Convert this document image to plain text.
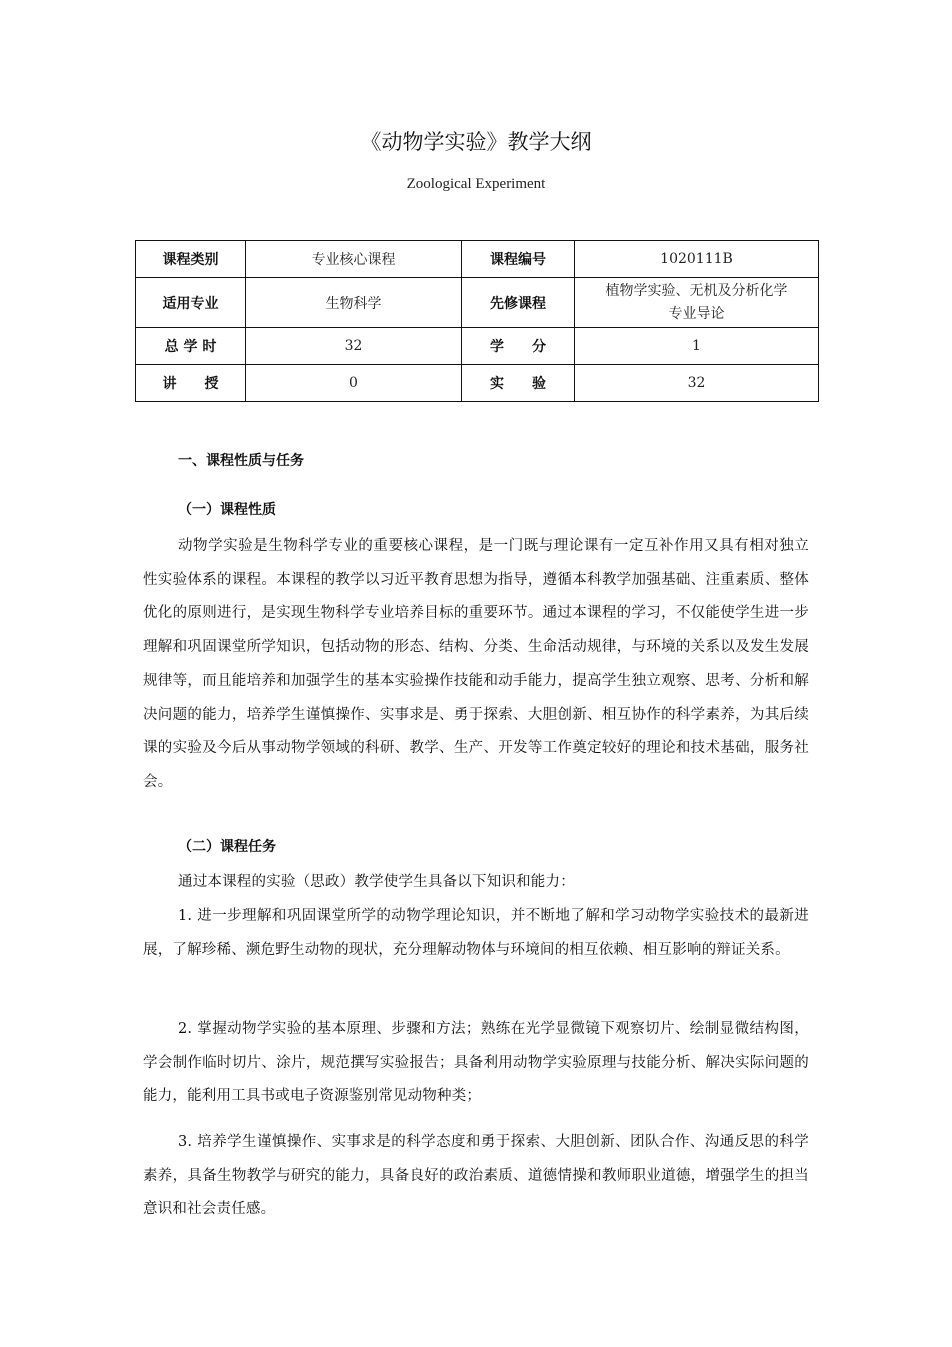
《动物学实验》教学大纲
Zoological Experiment
课程类别	专业核心课程	课程编号	1020111B
适用专业	生物科学	先修课程	植物学实验、无机及分析化学
专业导论

总 学 时	32	学　　分	1
讲　　授	0	实　　验	32
一、课程性质与任务
（一）课程性质
动物学实验是生物科学专业的重要核心课程，是一门既与理论课有一定互补作用又具有相对独立性实验体系的课程。本课程的教学以习近平教育思想为指导，遵循本科教学加强基础、注重素质、整体优化的原则进行，是实现生物科学专业培养目标的重要环节。通过本课程的学习，不仅能使学生进一步理解和巩固课堂所学知识，包括动物的形态、结构、分类、生命活动规律，与环境的关系以及发生发展规律等，而且能培养和加强学生的基本实验操作技能和动手能力，提高学生独立观察、思考、分析和解决问题的能力，培养学生谨慎操作、实事求是、勇于探索、大胆创新、相互协作的科学素养，为其后续课的实验及今后从事动物学领域的科研、教学、生产、开发等工作奠定较好的理论和技术基础，服务社会。
（二）课程任务
通过本课程的实验（思政）教学使学生具备以下知识和能力：
1. 进一步理解和巩固课堂所学的动物学理论知识，并不断地了解和学习动物学实验技术的最新进展，了解珍稀、濒危野生动物的现状，充分理解动物体与环境间的相互依赖、相互影响的辩证关系。
2. 掌握动物学实验的基本原理、步骤和方法；熟练在光学显微镜下观察切片、绘制显微结构图，学会制作临时切片、涂片，规范撰写实验报告；具备利用动物学实验原理与技能分析、解决实际问题的能力，能利用工具书或电子资源鉴别常见动物种类；
3. 培养学生谨慎操作、实事求是的科学态度和勇于探索、大胆创新、团队合作、沟通反思的科学素养，具备生物教学与研究的能力，具备良好的政治素质、道德情操和教师职业道德，增强学生的担当意识和社会责任感。
